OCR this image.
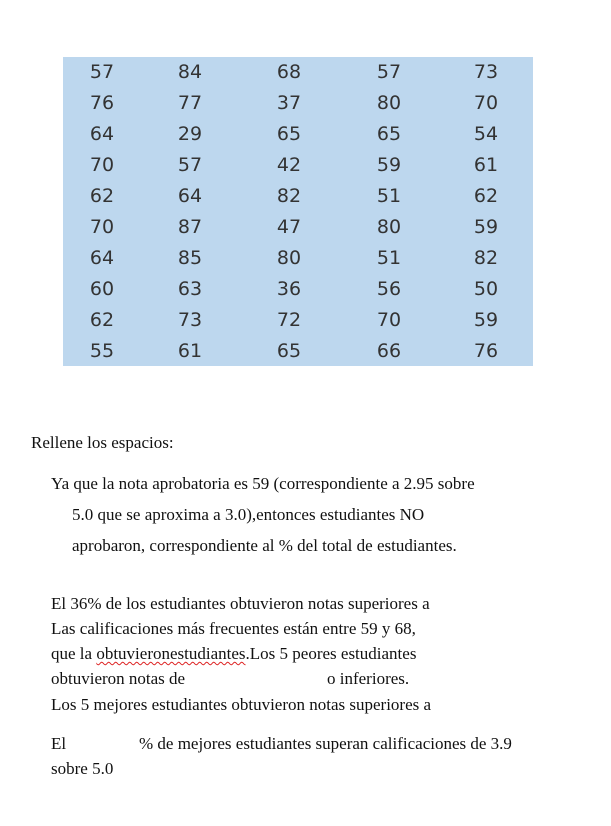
57	84	68	57	73
76	77	37	80	70
64	29	65	65	54
70	57	42	59	61
62	64	82	51	62
70	87	47	80	59
64	85	80	51	82
60	63	36	56	50
62	73	72	70	59
55	61	65	66	76
Rellene los espacios:
Ya que la nota aprobatoria es 59 (correspondiente a 2.95 sobre
5.0 que se aproxima a 3.0),entonces estudiantes NO
aprobaron, correspondiente al % del total de estudiantes.
El 36% de los estudiantes obtuvieron notas superiores a
Las calificaciones más frecuentes están entre 59 y 68,
que la obtuvieronestudiantes.Los 5 peores estudiantes
obtuvieron notas de	o inferiores.
Los 5 mejores estudiantes obtuvieron notas superiores a
El	% de mejores estudiantes superan calificaciones de 3.9
sobre 5.0
